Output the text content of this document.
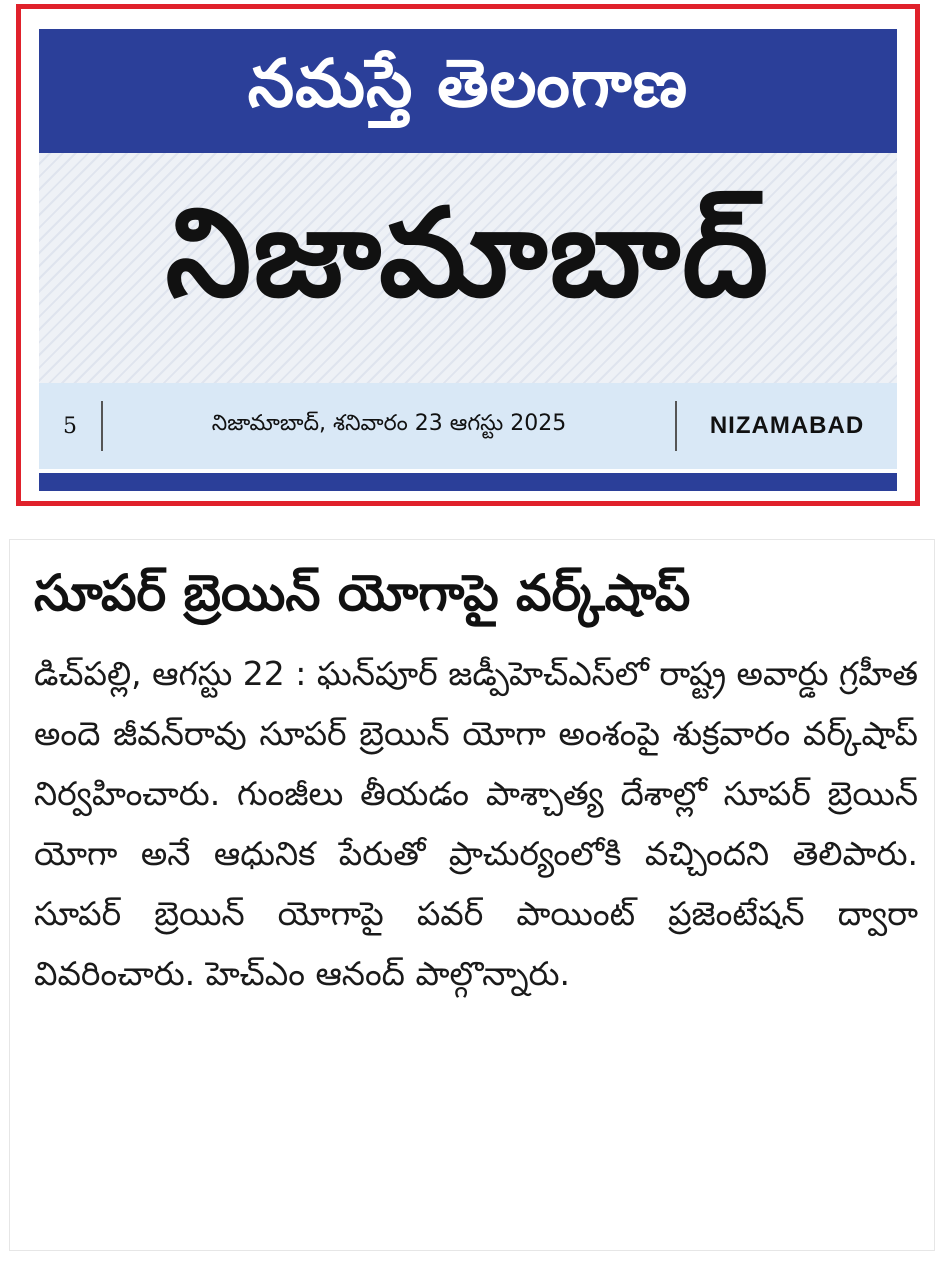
నమస్తే తెలంగాణ
నిజామాబాద్
5	నిజామాబాద్, శనివారం 23 ఆగస్టు 2025	NIZAMABAD
సూపర్ బ్రెయిన్ యోగాపై వర్క్‌షాప్
డిచ్‌పల్లి, ఆగస్టు 22 : ఘన్‌పూర్ జడ్పీహెచ్‌ఎస్‌లో రాష్ట్ర అవార్డు గ్రహీత అందె జీవన్‌రావు సూపర్ బ్రెయిన్ యోగా అంశంపై శుక్రవారం వర్క్‌షాప్ నిర్వహించారు. గుంజీలు తీయడం పాశ్చాత్య దేశాల్లో సూపర్ బ్రెయిన్ యోగా అనే ఆధునిక పేరుతో ప్రాచుర్యంలోకి వచ్చిందని తెలిపారు. సూపర్ బ్రెయిన్ యోగాపై పవర్ పాయింట్ ప్రజెంటేషన్ ద్వారా వివరించారు. హెచ్‌ఎం ఆనంద్ పాల్గొన్నారు.
